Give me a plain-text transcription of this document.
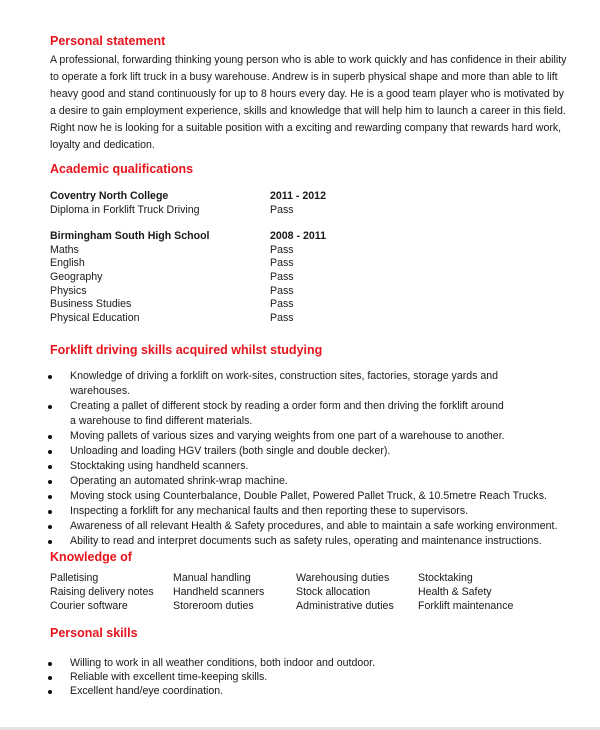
Personal statement

A professional, forwarding thinking young person who is able to work quickly and has confidence in their ability

to operate a fork lift truck in a busy warehouse. Andrew is in superb physical shape and more than able to lift

heavy good and stand continuously for up to 8 hours every day. He is a good team player who is motivated by

a desire to gain employment experience, skills and knowledge that will help him to launch a career in this field.

Right now he is looking for a suitable position with a exciting and rewarding company that rewards hard work,

loyalty and dedication.

Academic qualifications
Coventry North College	2011 - 2012
Diploma in Forklift Truck Driving	Pass
Birmingham South High School	2008 - 2011
Maths	Pass
English	Pass
Geography	Pass
Physics	Pass
Business Studies	Pass
Physical Education	Pass
Forklift driving skills acquired whilst studying
Knowledge of driving a forklift on work-sites, construction sites, factories, storage yards and warehouses.
Creating a pallet of different stock by reading a order form and then driving the forklift around a warehouse to find different materials.
Moving pallets of various sizes and varying weights from one part of a warehouse to another.
Unloading and loading HGV trailers (both single and double decker).
Stocktaking using handheld scanners.
Operating an automated shrink-wrap machine.
Moving stock using Counterbalance, Double Pallet, Powered Pallet Truck, & 10.5metre Reach Trucks.
Inspecting a forklift for any mechanical faults and then reporting these to supervisors.
Awareness of all relevant Health & Safety procedures, and able to maintain a safe working environment.
Ability to read and interpret documents such as safety rules, operating and maintenance instructions.
Knowledge of
Palletising	Manual handling	Warehousing duties	Stocktaking
Raising delivery notes	Handheld scanners	Stock allocation	Health & Safety
Courier software	Storeroom duties	Administrative duties	Forklift maintenance
Personal skills
Willing to work in all weather conditions, both indoor and outdoor.
Reliable with excellent time-keeping skills.
Excellent hand/eye coordination.
